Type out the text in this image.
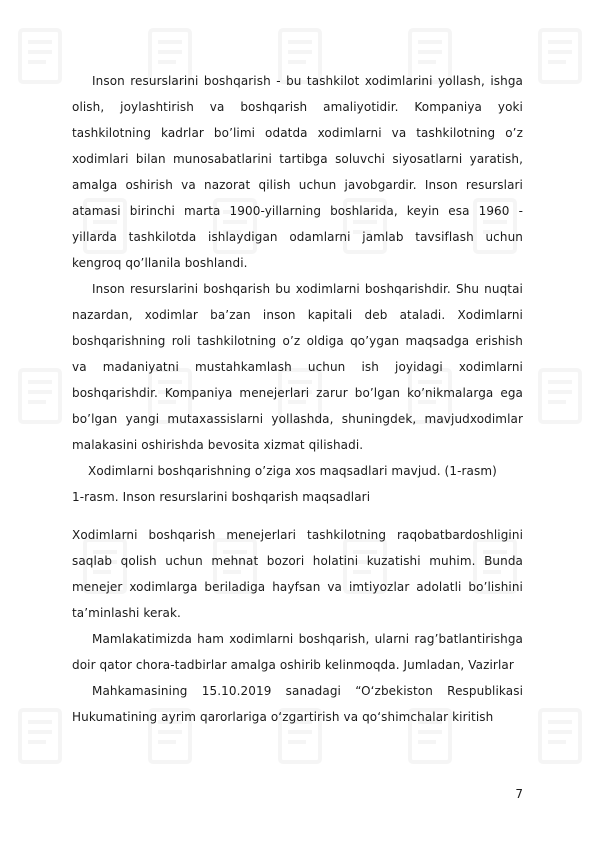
Inson resurslarini boshqarish - bu tashkilot xodimlarini yollash, ishga olish, joylashtirish va boshqarish amaliyotidir. Kompaniya yoki tashkilotning kadrlar bo’limi odatda xodimlarni va tashkilotning o’z xodimlari bilan munosabatlarini tartibga soluvchi siyosatlarni yaratish, amalga oshirish va nazorat qilish uchun javobgardir. Inson resurslari atamasi birinchi marta 1900-yillarning boshlarida, keyin esa 1960 -yillarda tashkilotda ishlaydigan odamlarni jamlab tavsiflash uchun kengroq qo’llanila boshlandi.

Inson resurslarini boshqarish bu xodimlarni boshqarishdir. Shu nuqtai nazardan, xodimlar ba’zan inson kapitali deb ataladi. Xodimlarni boshqarishning roli tashkilotning o’z oldiga qo’ygan maqsadga erishish va madaniyatni mustahkamlash uchun ish joyidagi xodimlarni boshqarishdir. Kompaniya menejerlari zarur bo’lgan ko’nikmalarga ega bo’lgan yangi mutaxassislarni yollashda, shuningdek, mavjudxodimlar malakasini oshirishda bevosita xizmat qilishadi.

Xodimlarni boshqarishning o’ziga xos maqsadlari mavjud. (1-rasm)

1-rasm. Inson resurslarini boshqarish maqsadlari

Xodimlarni boshqarish menejerlari tashkilotning raqobatbardoshligini saqlab qolish uchun mehnat bozori holatini kuzatishi muhim. Bunda menejer xodimlarga beriladiga hayfsan va imtiyozlar adolatli bo’lishini ta’minlashi kerak.

Mamlakatimizda ham xodimlarni boshqarish, ularni rag’batlantirishga doir qator chora-tadbirlar amalga oshirib kelinmoqda. Jumladan, Vazirlar

Mahkamasining 15.10.2019 sanadagi “O‘zbekiston Respublikasi Hukumatining ayrim qarorlariga o‘zgartirish va qo‘shimchalar kiritish

7
